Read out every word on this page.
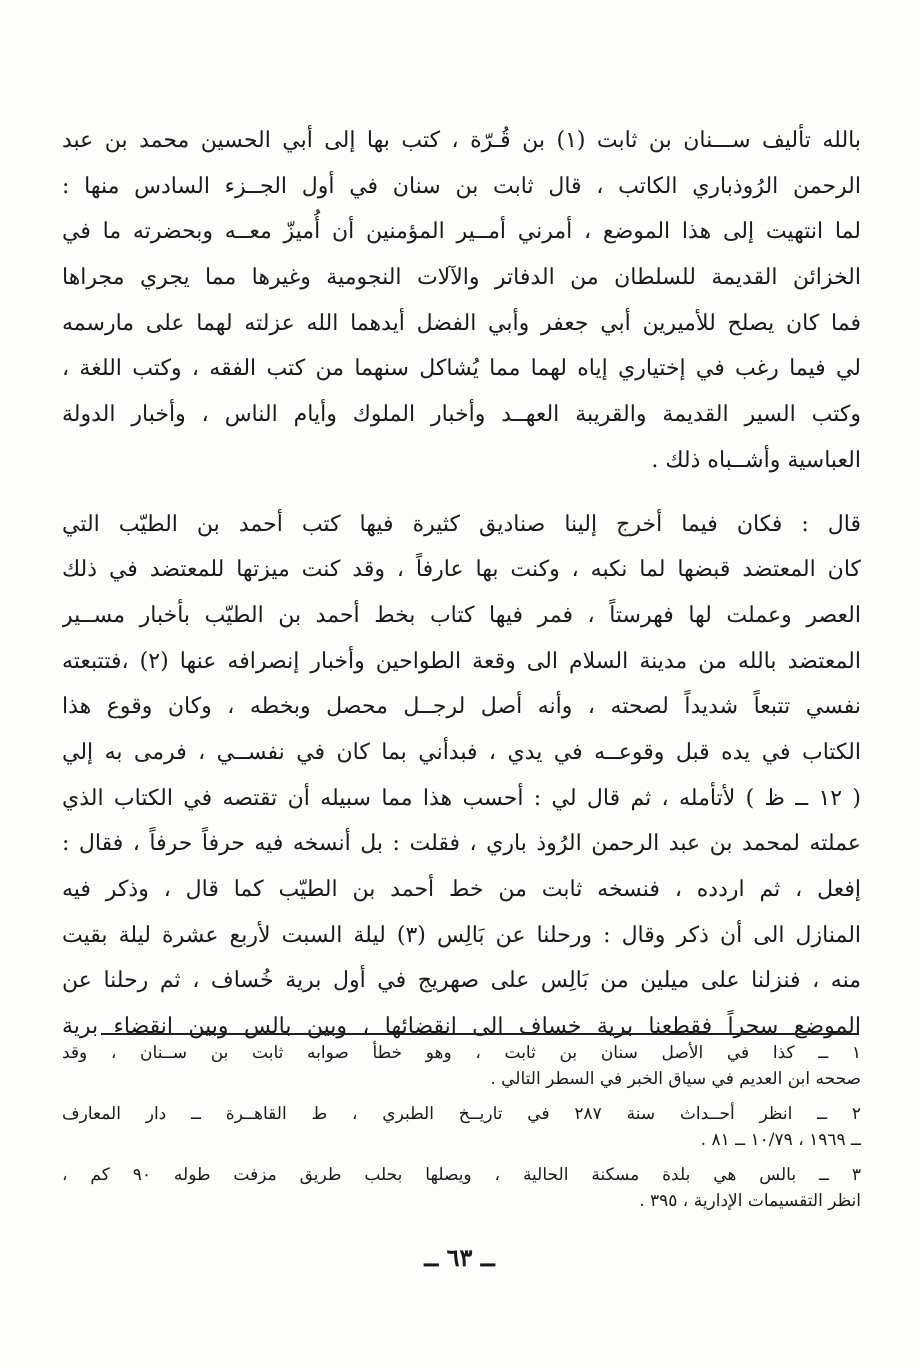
بالله تأليف ســـنان بن ثابت (١) بن قُـرّة ، كتب بها إلى أبي الحسين محمد بن عبد
الرحمن الرُوذباري الكاتب ، قال ثابت بن سنان في أول الجــزء السادس منها :
لما انتهيت إلى هذا الموضع ، أمرني أمــير المؤمنين أن أُميزّ معــه وبحضرته ما في
الخزائن القديمة للسلطان من الدفاتر والآلات النجومية وغيرها مما يجري مجراها
فما كان يصلح للأميرين أبي جعفر وأبي الفضل أيدهما الله عزلته لهما على مارسمه
لي فيما رغب في إختياري إياه لهما مما يُشاكل سنهما من كتب الفقه ، وكتب اللغة ،
وكتب السير القديمة والقريبة العهــد وأخبار الملوك وأيام الناس ، وأخبار الدولة
العباسية وأشــباه ذلك .
قال : فكان فيما أخرج إلينا صناديق كثيرة فيها كتب أحمد بن الطيّب التي
كان المعتضد قبضها لما نكبه ، وكنت بها عارفاً ، وقد كنت ميزتها للمعتضد في ذلك
العصر وعملت لها فهرستاً ، فمر فيها كتاب بخط أحمد بن الطيّب بأخبار مســير
المعتضد بالله من مدينة السلام الى وقعة الطواحين وأخبار إنصرافه عنها (٢) ،فتتبعته
نفسي تتبعاً شديداً لصحته ، وأنه أصل لرجــل محصل وبخطه ، وكان وقوع هذا
الكتاب في يده قبل وقوعــه في يدي ، فبدأني بما كان في نفســي ، فرمى به إلي
( ١٢ ــ ظ ) لأتأمله ، ثم قال لي : أحسب هذا مما سبيله أن تقتصه في الكتاب الذي
عملته لمحمد بن عبد الرحمن الرُوذ باري ، فقلت : بل أنسخه فيه حرفاً حرفاً ، فقال :
إفعل ، ثم اردده ، فنسخه ثابت من خط أحمد بن الطيّب كما قال ، وذكر فيه
المنازل الى أن ذكر وقال : ورحلنا عن بَالِس (٣) ليلة السبت لأربع عشرة ليلة بقيت
منه ، فنزلنا على ميلين من بَالِس على صهريج في أول برية خُساف ، ثم رحلنا عن
الموضع سحراً فقطعنا برية خساف الى انقضائها ، وبين بالس وبين انقضاء برية
١ ــ كذا في الأصل سنان بن ثابت ، وهو خطأ صوابه ثابت بن ســنان ، وقد
صححه ابن العديم في سياق الخبر في السطر التالي .
٢ ــ انظر أحــداث سنة ٢٨٧ في تاريــخ الطبري ، ط القاهــرة ــ دار المعارف
ــ ١٩٦٩ ، ١٠/٧٩ ــ ٨١ .
٣ ــ بالس هي بلدة مسكنة الحالية ، ويصلها بحلب طريق مزفت طوله ٩٠ كم ،
انظر التقسيمات الإدارية ، ٣٩٥ .
ــ ٦٣ ــ
